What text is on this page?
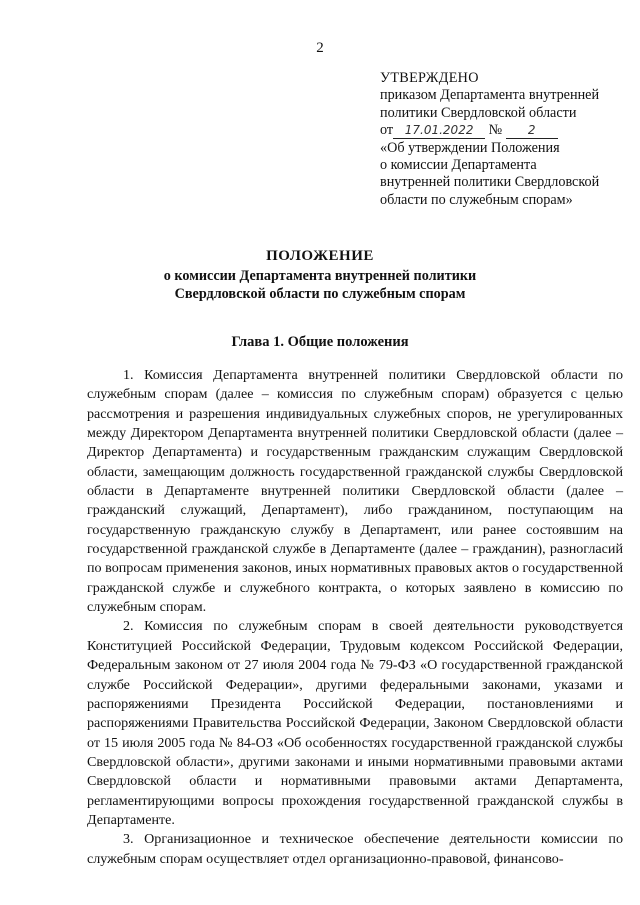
2
УТВЕРЖДЕНО
приказом Департамента внутренней
политики Свердловской области
от 17.01.2022 № 2
«Об утверждении Положения
о комиссии Департамента
внутренней политики Свердловской
области по служебным спорам»
ПОЛОЖЕНИЕ
о комиссии Департамента внутренней политики
Свердловской области по служебным спорам
Глава 1. Общие положения

1. Комиссия Департамента внутренней политики Свердловской области по служебным спорам (далее – комиссия по служебным спорам) образуется с целью рассмотрения и разрешения индивидуальных служебных споров, не урегулированных между Директором Департамента внутренней политики Свердловской области (далее – Директор Департамента) и государственным гражданским служащим Свердловской области, замещающим должность государственной гражданской службы Свердловской области в Департаменте внутренней политики Свердловской области (далее – гражданский служащий, Департамент), либо гражданином, поступающим на государственную гражданскую службу в Департамент, или ранее состоявшим на государственной гражданской службе в Департаменте (далее – гражданин), разногласий по вопросам применения законов, иных нормативных правовых актов о государственной гражданской службе и служебного контракта, о которых заявлено в комиссию по служебным спорам.

2. Комиссия по служебным спорам в своей деятельности руководствуется Конституцией Российской Федерации, Трудовым кодексом Российской Федерации, Федеральным законом от 27 июля 2004 года № 79-ФЗ «О государственной гражданской службе Российской Федерации», другими федеральными законами, указами и распоряжениями Президента Российской Федерации, постановлениями и распоряжениями Правительства Российской Федерации, Законом Свердловской области от 15 июля 2005 года № 84-ОЗ «Об особенностях государственной гражданской службы Свердловской области», другими законами и иными нормативными правовыми актами Свердловской области и нормативными правовыми актами Департамента, регламентирующими вопросы прохождения государственной гражданской службы в Департаменте.

3. Организационное и техническое обеспечение деятельности комиссии по служебным спорам осуществляет отдел организационно-правовой, финансово-
